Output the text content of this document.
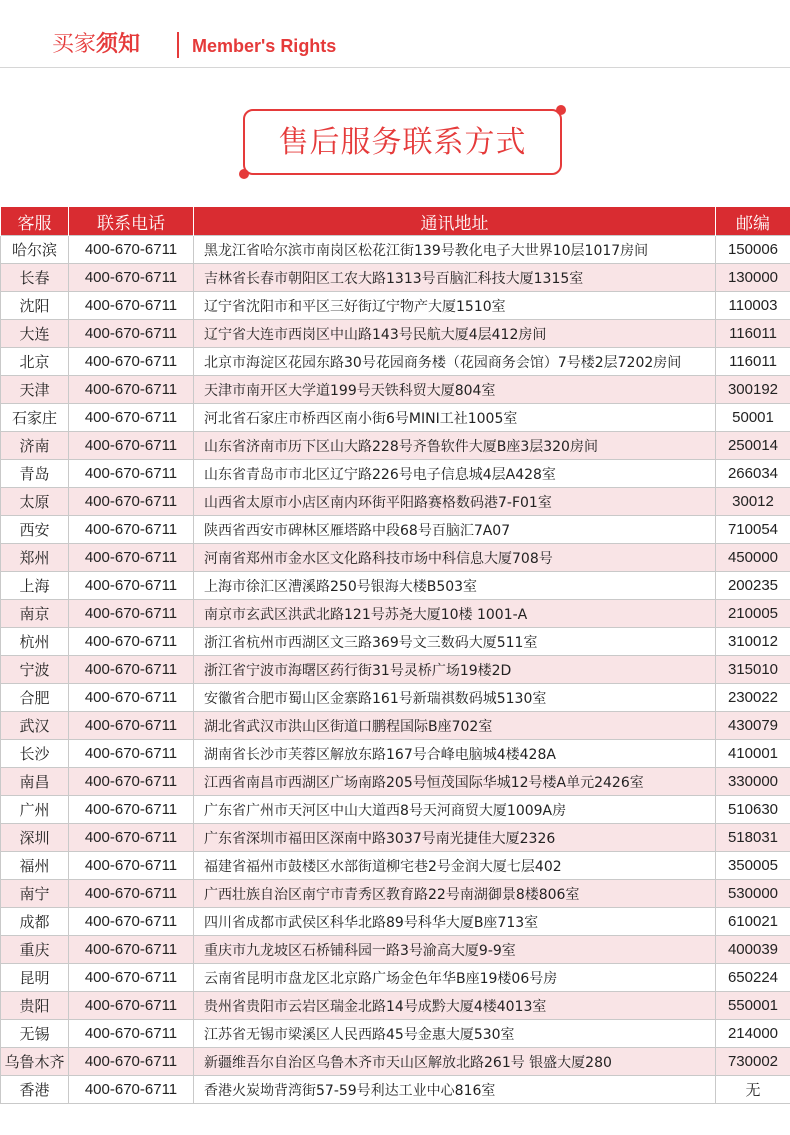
买家须知	Member's Rights
售后服务联系方式
客服	联系电话	通讯地址	邮编
哈尔滨	400-670-6711	黑龙江省哈尔滨市南岗区松花江街139号教化电子大世界10层1017房间	150006
长春	400-670-6711	吉林省长春市朝阳区工农大路1313号百脑汇科技大厦1315室	130000
沈阳	400-670-6711	辽宁省沈阳市和平区三好街辽宁物产大厦1510室	110003
大连	400-670-6711	辽宁省大连市西岗区中山路143号民航大厦4层412房间	116011
北京	400-670-6711	北京市海淀区花园东路30号花园商务楼（花园商务会馆）7号楼2层7202房间	116011
天津	400-670-6711	天津市南开区大学道199号天铁科贸大厦804室	300192
石家庄	400-670-6711	河北省石家庄市桥西区南小街6号MINI工社1005室	50001
济南	400-670-6711	山东省济南市历下区山大路228号齐鲁软件大厦B座3层320房间	250014
青岛	400-670-6711	山东省青岛市市北区辽宁路226号电子信息城4层A428室	266034
太原	400-670-6711	山西省太原市小店区南内环街平阳路赛格数码港7-F01室	30012
西安	400-670-6711	陕西省西安市碑林区雁塔路中段68号百脑汇7A07	710054
郑州	400-670-6711	河南省郑州市金水区文化路科技市场中科信息大厦708号	450000
上海	400-670-6711	上海市徐汇区漕溪路250号银海大楼B503室	200235
南京	400-670-6711	南京市玄武区洪武北路121号苏尧大厦10楼 1001-A	210005
杭州	400-670-6711	浙江省杭州市西湖区文三路369号文三数码大厦511室	310012
宁波	400-670-6711	浙江省宁波市海曙区药行街31号灵桥广场19楼2D	315010
合肥	400-670-6711	安徽省合肥市蜀山区金寨路161号新瑞祺数码城5130室	230022
武汉	400-670-6711	湖北省武汉市洪山区街道口鹏程国际B座702室	430079
长沙	400-670-6711	湖南省长沙市芙蓉区解放东路167号合峰电脑城4楼428A	410001
南昌	400-670-6711	江西省南昌市西湖区广场南路205号恒茂国际华城12号楼A单元2426室	330000
广州	400-670-6711	广东省广州市天河区中山大道西8号天河商贸大厦1009A房	510630
深圳	400-670-6711	广东省深圳市福田区深南中路3037号南光捷佳大厦2326	518031
福州	400-670-6711	福建省福州市鼓楼区水部街道柳宅巷2号金润大厦七层402	350005
南宁	400-670-6711	广西壮族自治区南宁市青秀区教育路22号南湖御景8楼806室	530000
成都	400-670-6711	四川省成都市武侯区科华北路89号科华大厦B座713室	610021
重庆	400-670-6711	重庆市九龙坡区石桥铺科园一路3号渝高大厦9-9室	400039
昆明	400-670-6711	云南省昆明市盘龙区北京路广场金色年华B座19楼06号房	650224
贵阳	400-670-6711	贵州省贵阳市云岩区瑞金北路14号成黔大厦4楼4013室	550001
无锡	400-670-6711	江苏省无锡市梁溪区人民西路45号金惠大厦530室	214000
乌鲁木齐	400-670-6711	新疆维吾尔自治区乌鲁木齐市天山区解放北路261号 银盛大厦280	730002
香港	400-670-6711	香港火炭坳背湾街57-59号利达工业中心816室	无
